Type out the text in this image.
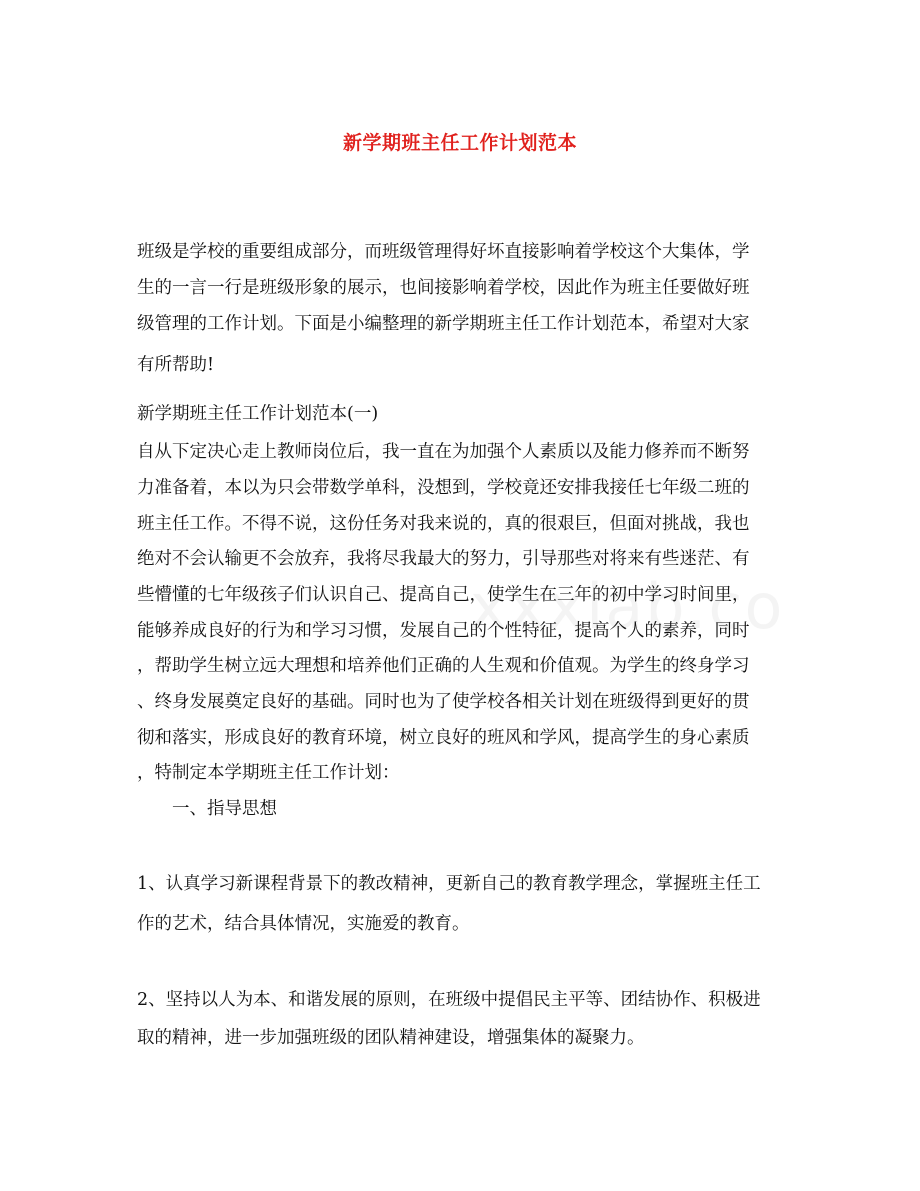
新学期班主任工作计划范本
班级是学校的重要组成部分，而班级管理得好坏直接影响着学校这个大集体，学
生的一言一行是班级形象的展示，也间接影响着学校，因此作为班主任要做好班
级管理的工作计划。下面是小编整理的新学期班主任工作计划范本，希望对大家
有所帮助!
新学期班主任工作计划范本(一)
自从下定决心走上教师岗位后，我一直在为加强个人素质以及能力修养而不断努
力准备着，本以为只会带数学单科，没想到，学校竟还安排我接任七年级二班的
班主任工作。不得不说，这份任务对我来说的，真的很艰巨，但面对挑战，我也
绝对不会认输更不会放弃，我将尽我最大的努力，引导那些对将来有些迷茫、有
些懵懂的七年级孩子们认识自己、提高自己，使学生在三年的初中学习时间里，
能够养成良好的行为和学习习惯，发展自己的个性特征，提高个人的素养，同时
，帮助学生树立远大理想和培养他们正确的人生观和价值观。为学生的终身学习
、终身发展奠定良好的基础。同时也为了使学校各相关计划在班级得到更好的贯
彻和落实，形成良好的教育环境，树立良好的班风和学风，提高学生的身心素质
，特制定本学期班主任工作计划：
一、指导思想
1、认真学习新课程背景下的教改精神，更新自己的教育教学理念，掌握班主任工
作的艺术，结合具体情况，实施爱的教育。
2、坚持以人为本、和谐发展的原则，在班级中提倡民主平等、团结协作、积极进
取的精神，进一步加强班级的团队精神建设，增强集体的凝聚力。
